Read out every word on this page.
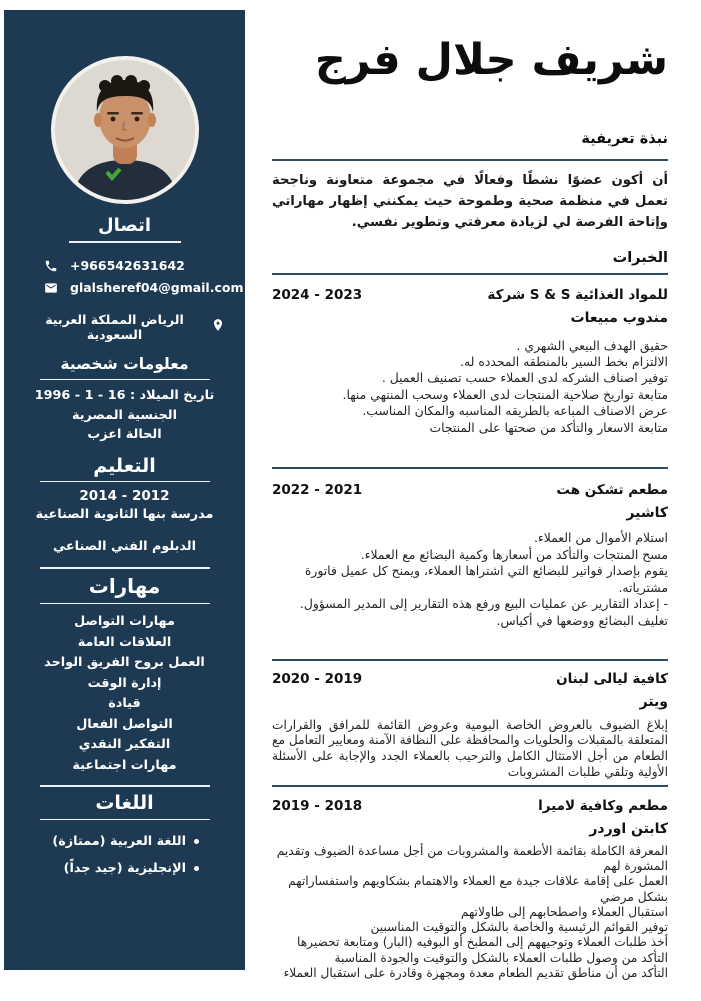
اتصال
+966542631642
glalsheref04@gmail.com
الرياض المملكة العربية السعودية
معلومات شخصية
تاريخ الميلاد : 16 - 1 - 1996
الجنسية المصرية
الحالة اعزب
التعليم
2012 - 2014
مدرسة بنها الثانوية الصناعية
الدبلوم الفني الصناعي
مهارات
مهارات التواصل
العلاقات العامة
العمل بروح الفريق الواحد
إدارة الوقت
قيادة
التواصل الفعال
التفكير النقدي
مهارات اجتماعية
اللغات
اللغة العربية (ممتازة)
الإنجليزية (جيد جداً)
شريف جلال فرج
نبذة تعريفية

أن أكون عضوًا نشطًا وفعالًا في مجموعة متعاونة وناجحة تعمل في منظمة صحية وطموحة حيث يمكنني إظهار مهاراتي وإتاحة الفرصة لي لزيادة معرفتي وتطوير نفسي.

الخبرات
شركة S & S للمواد الغذائية
2023 - 2024
مندوب مبيعات
حقيق الهدف البيعي الشهري .
الالتزام بخط السير بالمنطقه المحدده له.
توفير اصناف الشركه لدى العملاء حسب تصنيف العميل .
متابعة تواريخ صلاحية المنتجات لدى العملاء وسحب المنتهي منها.
عرض الاصناف المباعه بالطريقه المناسبه والمكان المناسب.
متابعة الاسعار والتأكد من صحتها على المنتجات
مطعم تشكن هت
2021 - 2022
كاشير
استلام الأموال من العملاء.
مسح المنتجات والتأكد من أسعارها وكمية البضائع مع العملاء.
يقوم بإصدار فواتير للبضائع التي اشتراها العملاء، ويمنح كل عميل فاتورة مشترياته.
- إعداد التقارير عن عمليات البيع ورفع هذه التقارير إلى المدير المسؤول.
تغليف البضائع ووضعها في أكياس.
كافية ليالى لبنان
2019 - 2020
ويتر
إبلاغ الضيوف بالعروض الخاصة اليومية وعروض القائمة للمرافق والقرارات المتعلقة بالمقبلات والحلويات والمحافظة على النظافة الآمنة ومعايير التعامل مع الطعام من أجل الامتثال الكامل والترحيب بالعملاء الجدد والإجابة على الأسئلة الأولية وتلقي طلبات المشروبات
مطعم وكافية لاميرا
2018 - 2019
كابتن اوردر
المعرفة الكاملة بقائمة الأطعمة والمشروبات من أجل مساعدة الضيوف وتقديم المشورة لهم
العمل على إقامة علاقات جيدة مع العملاء والاهتمام بشكاويهم واستفساراتهم بشكل مرضي
استقبال العملاء واصطحابهم إلى طاولاتهم
توفير القوائم الرئيسية والخاصة بالشكل والتوقيت المناسبين
أخذ طلبات العملاء وتوجيههم إلى المطبخ أو البوفيه (البار) ومتابعة تحضيرها
التأكد من وصول طلبات العملاء بالشكل والتوقيت والجودة المناسبة
التأكد من أن مناطق تقديم الطعام معدة ومجهزة وقادرة على استقبال العملاء
